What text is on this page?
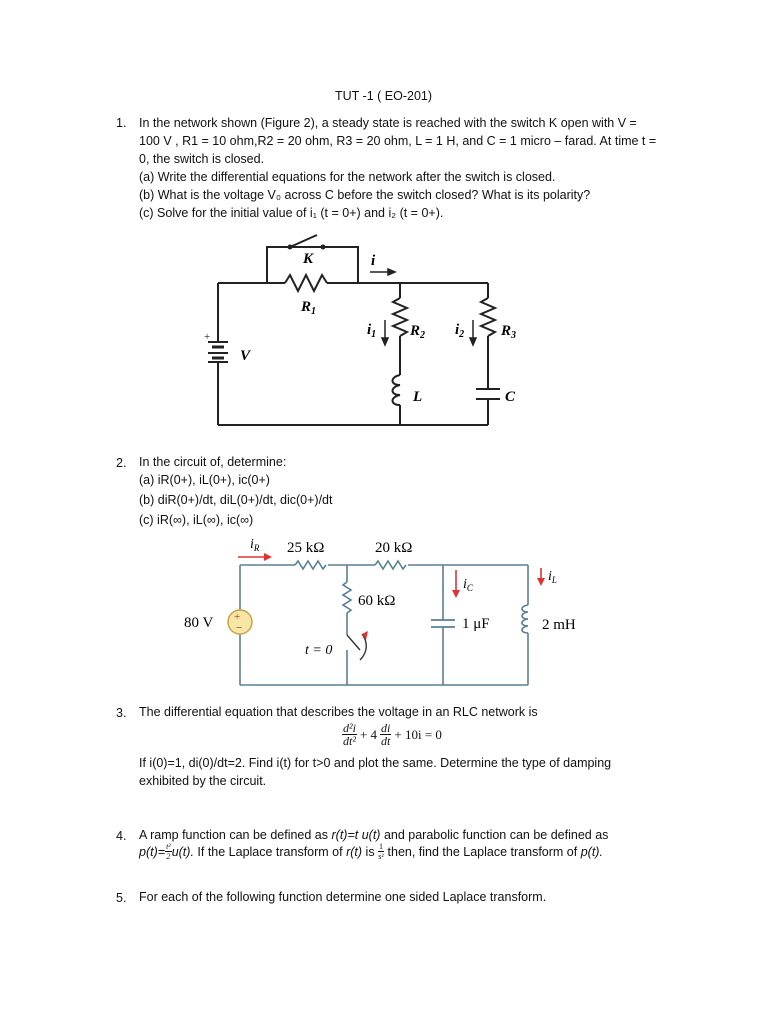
TUT -1 ( EO-201)
1. In the network shown (Figure 2), a steady state is reached with the switch K open with V =
100 V , R1 = 10 ohm,R2 = 20 ohm, R3 = 20 ohm, L = 1 H, and C = 1 micro – farad. At time t =
0, the switch is closed.
(a) Write the differential equations for the network after the switch is closed.
(b) What is the voltage V₀ across C before the switch closed? What is its polarity?
(c) Solve for the initial value of i₁ (t = 0+) and i₂ (t = 0+).
+
K	i
$R_1$
$i_1$ $R_2$ $i_2$ $R_3$
V
L	C
2. In the circuit of, determine:
(a) iR(0+), iL(0+), ic(0+)
(b) diR(0+)/dt, diL(0+)/dt, dic(0+)/dt
(c) iR(∞), iL(∞), ic(∞)
+
−
$i_R$ 25 kΩ	20 kΩ
60 kΩ
80 V
t = 0
1 μF	2 mH
$i_C$
$i_L$
3. The differential equation that describes the voltage in an RLC network is
$\frac{\text{d²i}}{\text{dt²}} + 4 \frac{di}{dt} + 10i = 0$
If i(0)=1, di(0)/dt=2. Find i(t) for t>0 and plot the same. Determine the type of damping
exhibited by the circuit.
4. A ramp function can be defined as r(t)=t u(t) and parabolic function can be defined as
$p(t)= \frac{\text{t²}}{2} u(t)$. If the Laplace transform of r(t) is $\frac{1}{\text{s²}}$ then, find the Laplace transform of p(t).
5. For each of the following function determine one sided Laplace transform.
